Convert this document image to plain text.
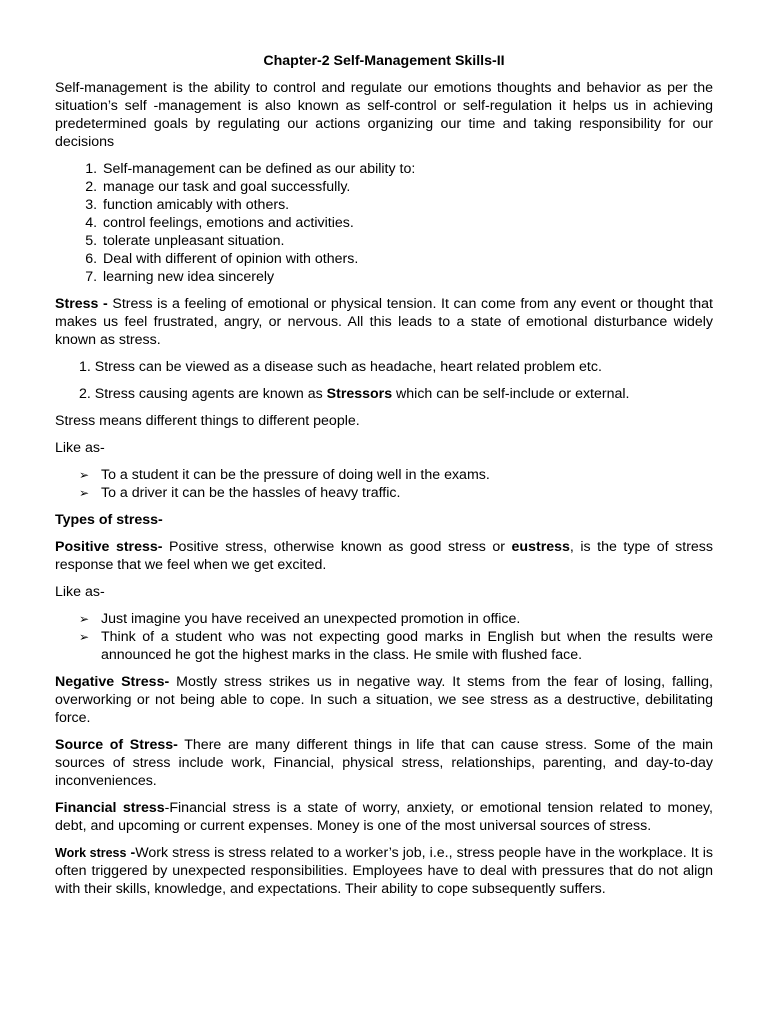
Chapter-2 Self-Management Skills-II

Self-management is the ability to control and regulate our emotions thoughts and behavior as per the situation’s self -management is also known as self-control or self-regulation it helps us in achieving predetermined goals by regulating our actions organizing our time and taking responsibility for our decisions

1. Self-management can be defined as our ability to:
2. manage our task and goal successfully.
3. function amicably with others.
4. control feelings, emotions and activities.
5. tolerate unpleasant situation.
6. Deal with different of opinion with others.
7. learning new idea sincerely

Stress - Stress is a feeling of emotional or physical tension. It can come from any event or thought that makes us feel frustrated, angry, or nervous. All this leads to a state of emotional disturbance widely known as stress.

1. Stress can be viewed as a disease such as headache, heart related problem etc.

2. Stress causing agents are known as Stressors which can be self-include or external.

Stress means different things to different people.

Like as-

➢ To a student it can be the pressure of doing well in the exams.
➢ To a driver it can be the hassles of heavy traffic.

Types of stress-

Positive stress- Positive stress, otherwise known as good stress or eustress, is the type of stress response that we feel when we get excited.

Like as-

➢ Just imagine you have received an unexpected promotion in office.
➢ Think of a student who was not expecting good marks in English but when the results were announced he got the highest marks in the class. He smile with flushed face.

Negative Stress- Mostly stress strikes us in negative way. It stems from the fear of losing, falling, overworking or not being able to cope. In such a situation, we see stress as a destructive, debilitating force.

Source of Stress- There are many different things in life that can cause stress. Some of the main sources of stress include work, Financial, physical stress, relationships, parenting, and day-to-day inconveniences.

Financial stress-Financial stress is a state of worry, anxiety, or emotional tension related to money, debt, and upcoming or current expenses. Money is one of the most universal sources of stress.

Work stress -Work stress is stress related to a worker’s job, i.e., stress people have in the workplace. It is often triggered by unexpected responsibilities. Employees have to deal with pressures that do not align with their skills, knowledge, and expectations. Their ability to cope subsequently suffers.
